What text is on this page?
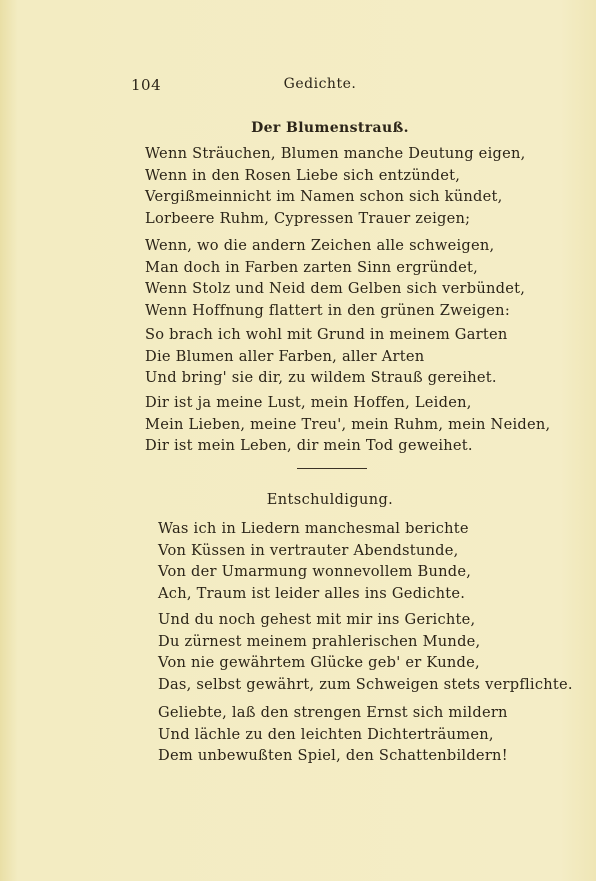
104	Gedichte.
Der Blumenstrauß.
Wenn Sträuchen, Blumen manche Deutung eigen,
Wenn in den Rosen Liebe sich entzündet,
Vergißmeinnicht im Namen schon sich kündet,
Lorbeere Ruhm, Cypressen Trauer zeigen;
Wenn, wo die andern Zeichen alle schweigen,
Man doch in Farben zarten Sinn ergründet,
Wenn Stolz und Neid dem Gelben sich verbündet,
Wenn Hoffnung flattert in den grünen Zweigen:
So brach ich wohl mit Grund in meinem Garten
Die Blumen aller Farben, aller Arten
Und bring' sie dir, zu wildem Strauß gereihet.
Dir ist ja meine Lust, mein Hoffen, Leiden,
Mein Lieben, meine Treu', mein Ruhm, mein Neiden,
Dir ist mein Leben, dir mein Tod geweihet.
Entschuldigung.
Was ich in Liedern manchesmal berichte
Von Küssen in vertrauter Abendstunde,
Von der Umarmung wonnevollem Bunde,
Ach, Traum ist leider alles ins Gedichte.
Und du noch gehest mit mir ins Gerichte,
Du zürnest meinem prahlerischen Munde,
Von nie gewährtem Glücke geb' er Kunde,
Das, selbst gewährt, zum Schweigen stets verpflichte.
Geliebte, laß den strengen Ernst sich mildern
Und lächle zu den leichten Dichterträumen,
Dem unbewußten Spiel, den Schattenbildern!
